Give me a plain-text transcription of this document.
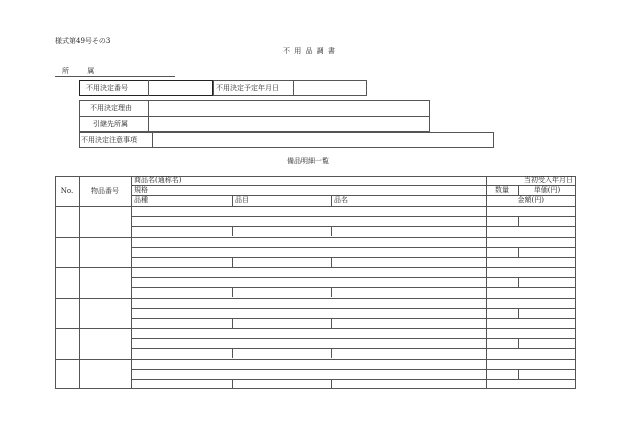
様式第49号その3
不 用 品 調 書
所 属
不用決定番号	不用決定予定年月日
不用決定理由
引継先所属
不用決定注意事項
備品明細一覧
No.	物品番号
商品名(通称名)
規格
品種	品目	品名
当初受入年月日
数量	単価(円)
金額(円)
